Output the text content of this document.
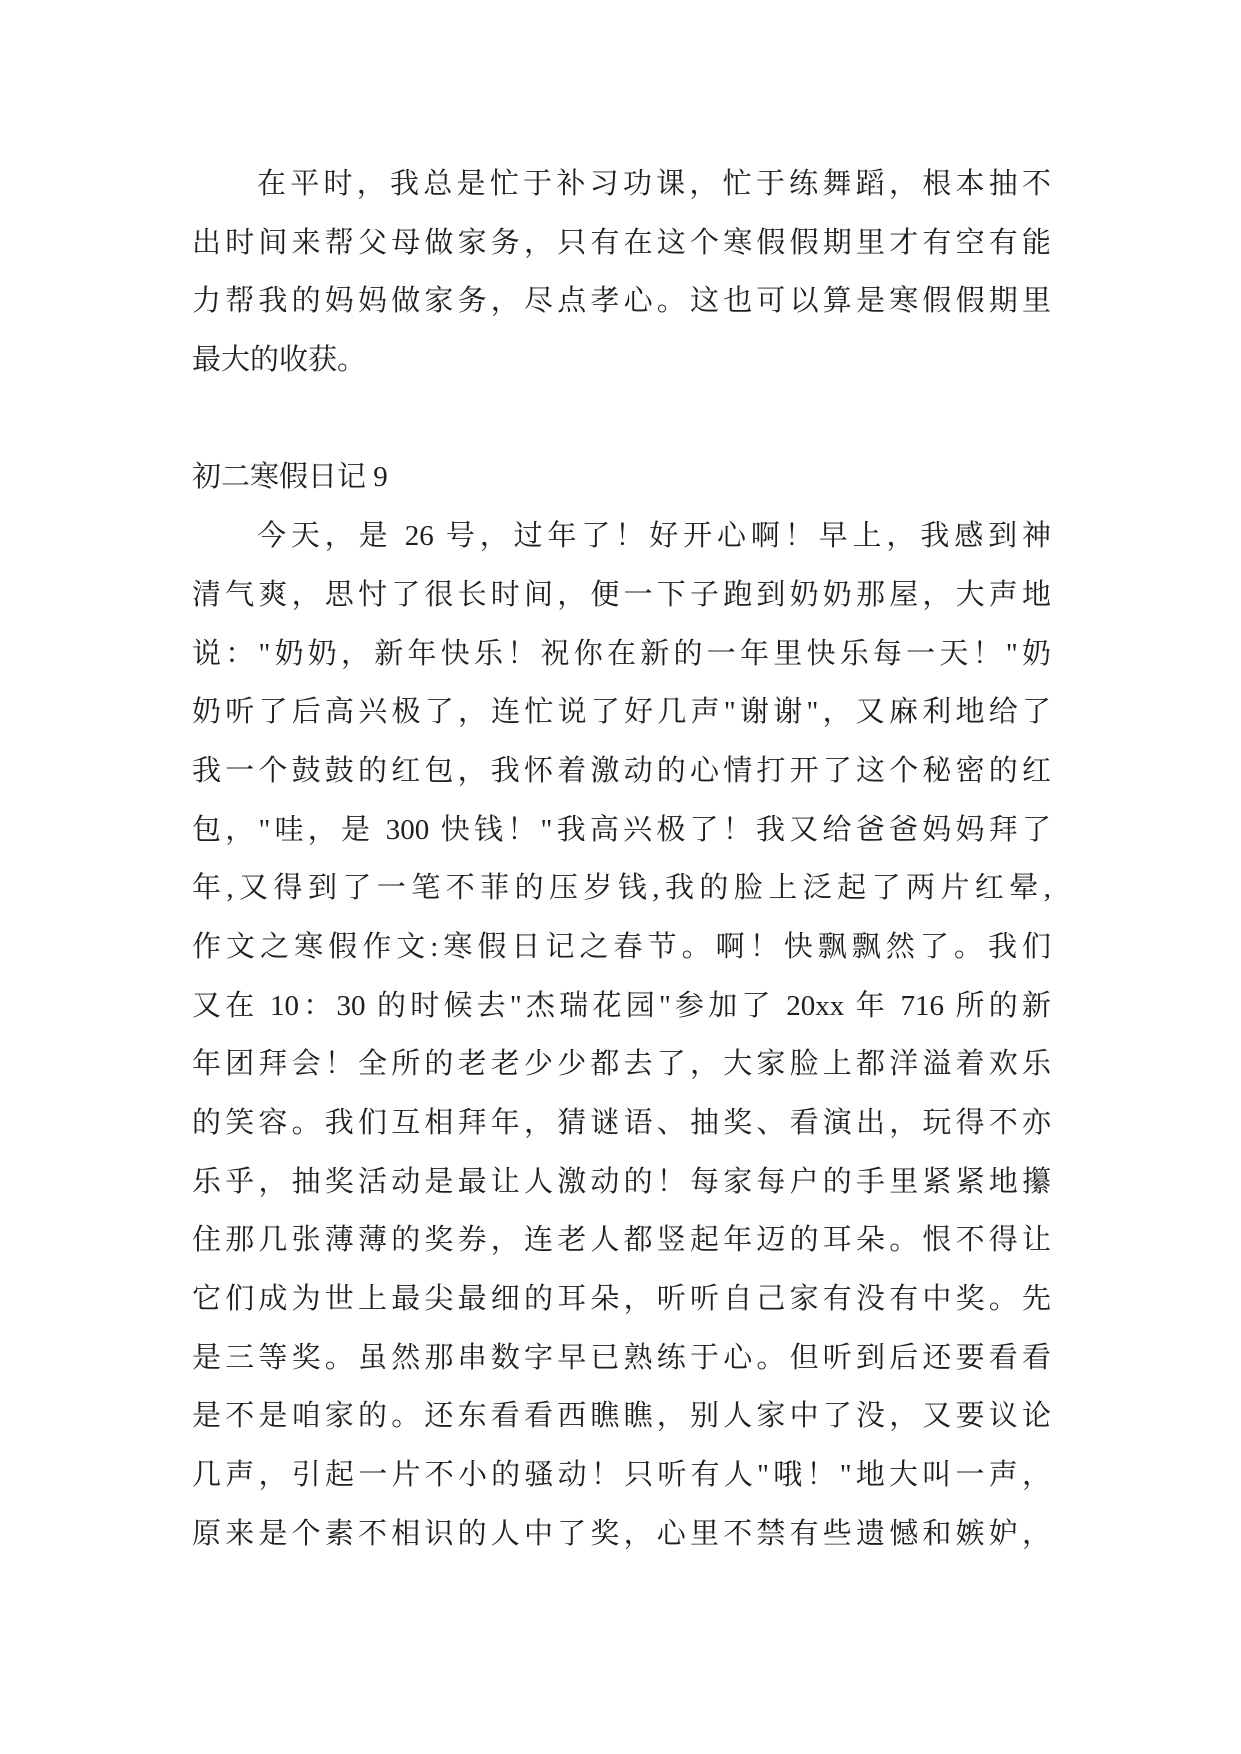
在平时，我总是忙于补习功课，忙于练舞蹈，根本抽不
出时间来帮父母做家务，只有在这个寒假假期里才有空有能
力帮我的妈妈做家务，尽点孝心。这也可以算是寒假假期里
最大的收获。
初二寒假日记 9
今天，是 26 号，过年了！好开心啊！早上，我感到神
清气爽，思忖了很长时间，便一下子跑到奶奶那屋，大声地
说："奶奶，新年快乐！祝你在新的一年里快乐每一天！"奶
奶听了后高兴极了，连忙说了好几声"谢谢"，又麻利地给了
我一个鼓鼓的红包，我怀着激动的心情打开了这个秘密的红
包，"哇，是 300 快钱！"我高兴极了！我又给爸爸妈妈拜了
年,又得到了一笔不菲的压岁钱,我的脸上泛起了两片红晕,
作文之寒假作文:寒假日记之春节。啊！快飘飘然了。我们
又在 10：30 的时候去"杰瑞花园"参加了 20xx 年 716 所的新
年团拜会！全所的老老少少都去了，大家脸上都洋溢着欢乐
的笑容。我们互相拜年，猜谜语、抽奖、看演出，玩得不亦
乐乎，抽奖活动是最让人激动的！每家每户的手里紧紧地攥
住那几张薄薄的奖券，连老人都竖起年迈的耳朵。恨不得让
它们成为世上最尖最细的耳朵，听听自己家有没有中奖。先
是三等奖。虽然那串数字早已熟练于心。但听到后还要看看
是不是咱家的。还东看看西瞧瞧，别人家中了没，又要议论
几声，引起一片不小的骚动！只听有人"哦！"地大叫一声，
原来是个素不相识的人中了奖，心里不禁有些遗憾和嫉妒，
